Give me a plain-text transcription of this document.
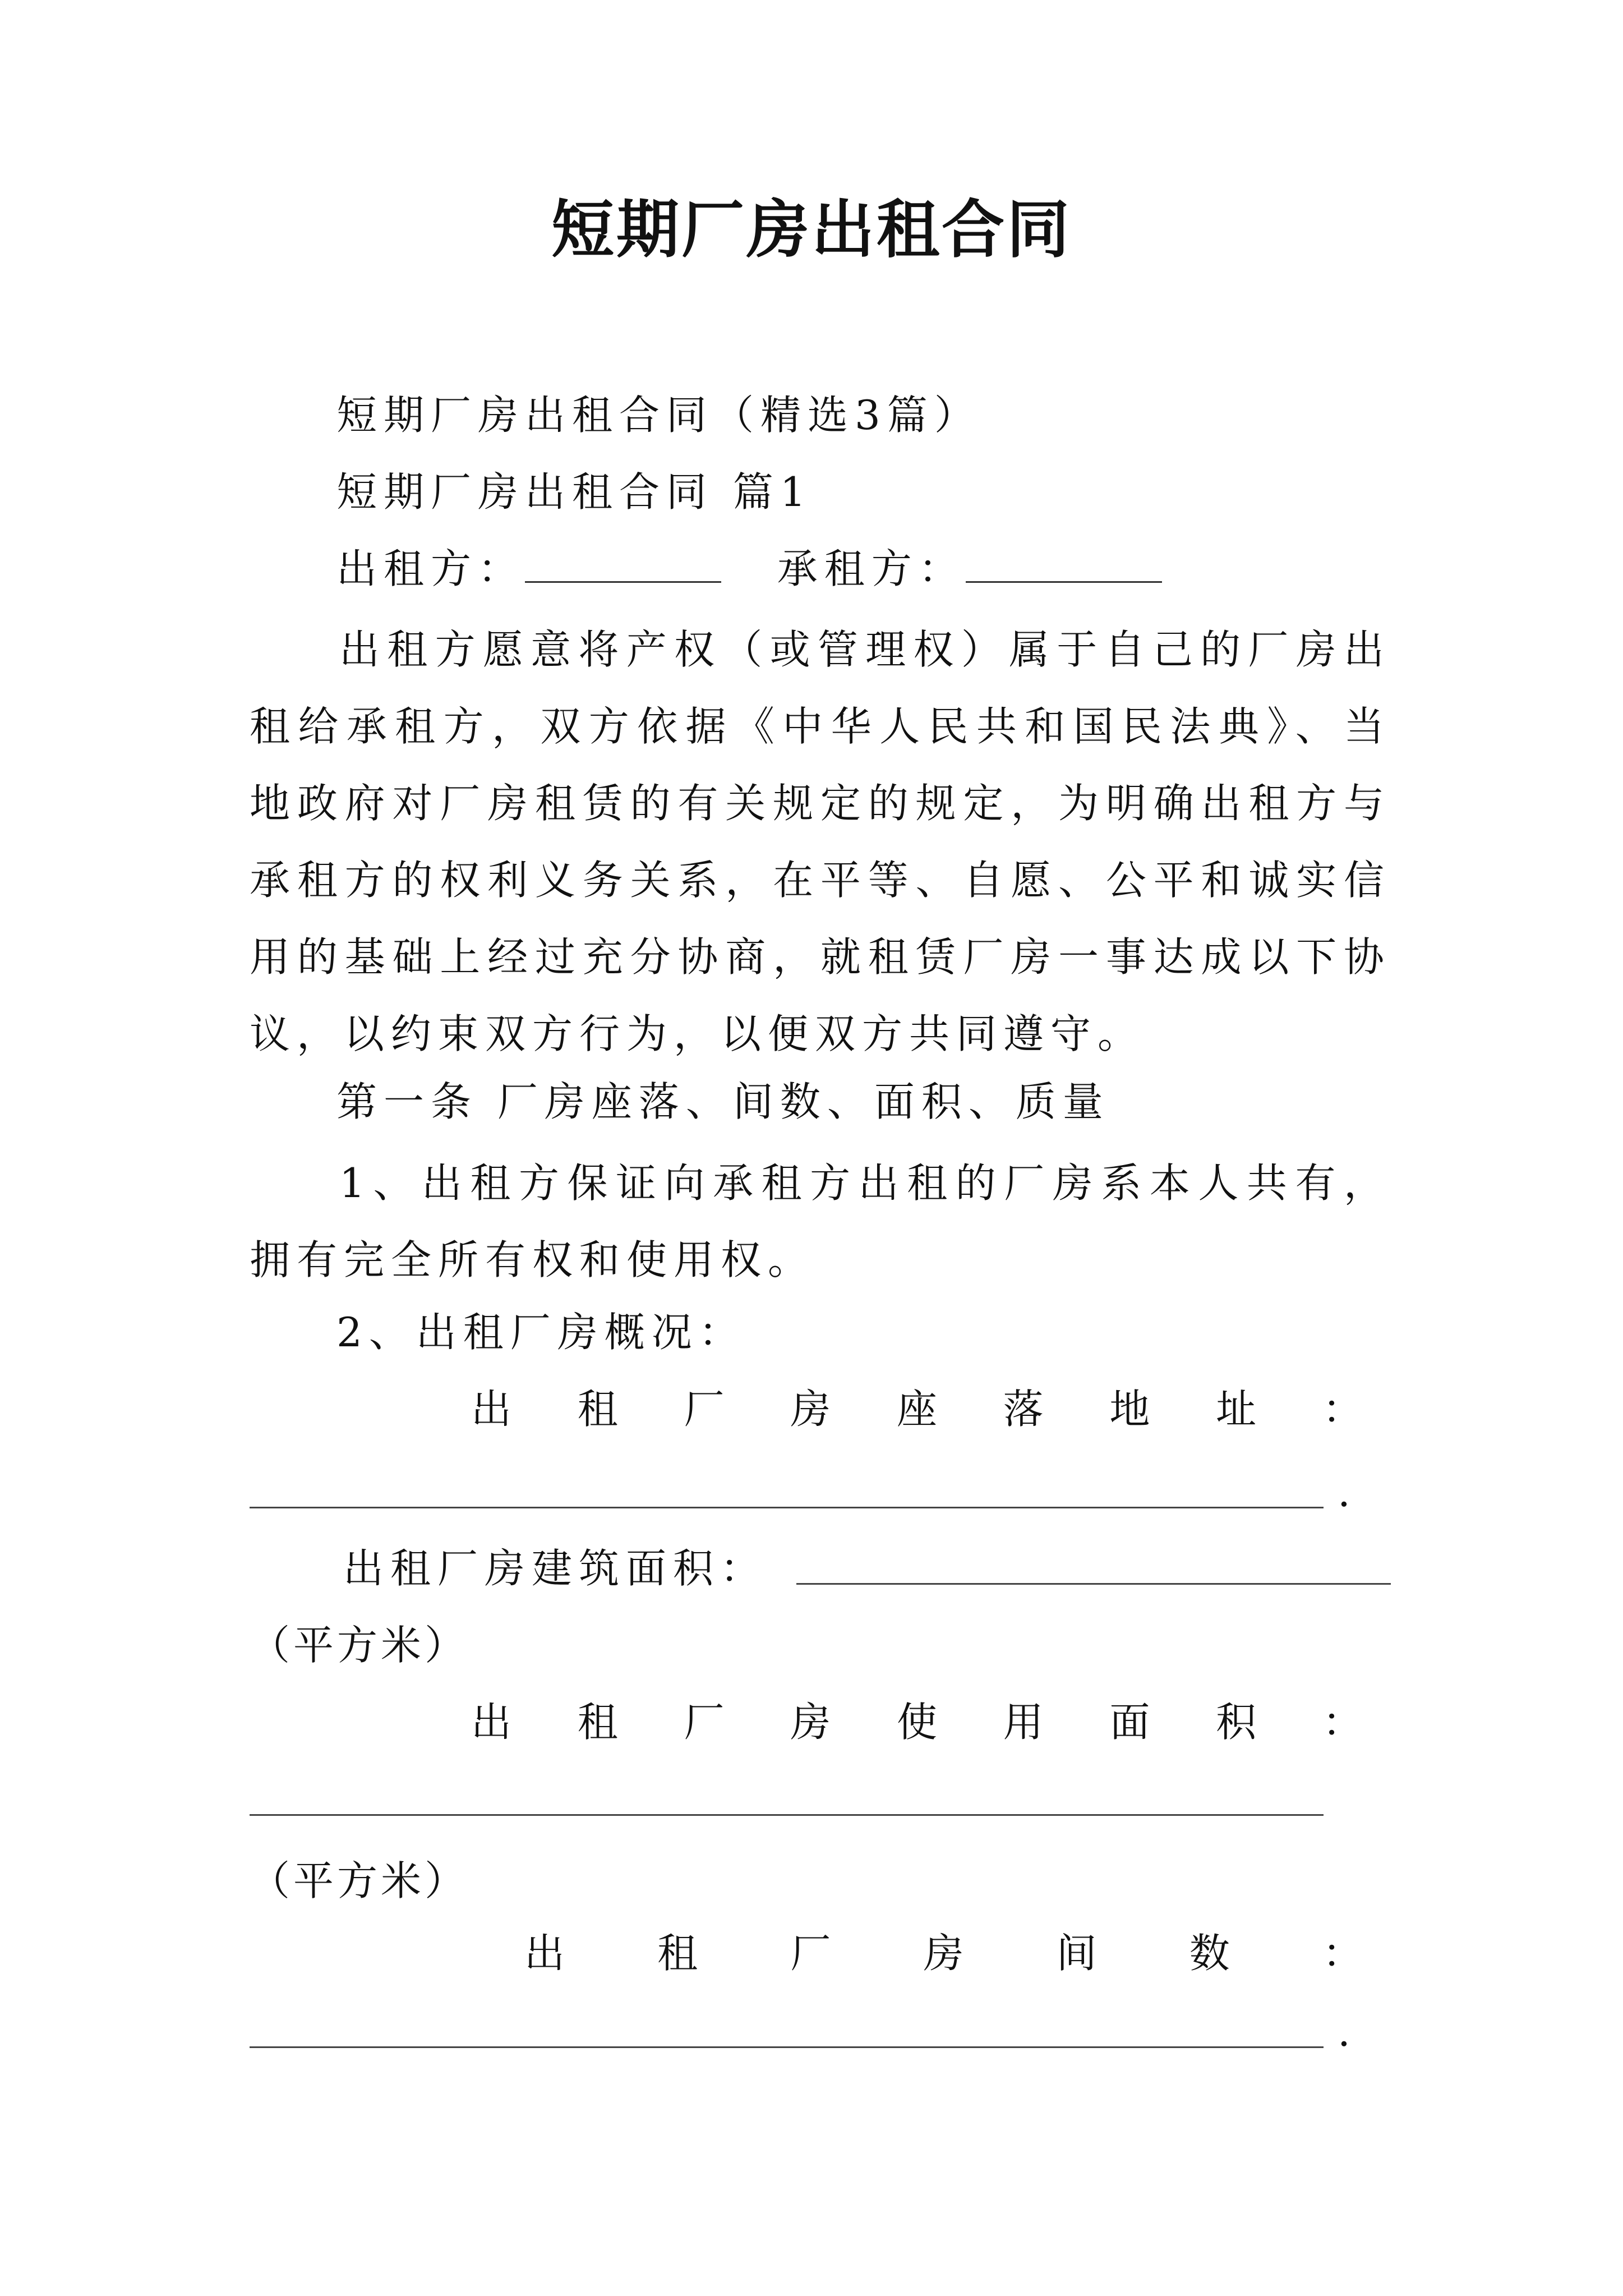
短期厂房出租合同
短期厂房出租合同（精选3篇）
短期厂房出租合同 篇1
出租方：	承租方：
出租方愿意将产权（或管理权）属于自己的厂房出租给承租方，双方依据《中华人民共和国民法典》、当地政府对厂房租赁的有关规定的规定，为明确出租方与承租方的权利义务关系，在平等、自愿、公平和诚实信用的基础上经过充分协商，就租赁厂房一事达成以下协议，以约束双方行为，以便双方共同遵守。
第一条 厂房座落、间数、面积、质量
1、出租方保证向承租方出租的厂房系本人共有，拥有完全所有权和使用权。
2、出租厂房概况：
出 租 厂 房 座 落 地 址 ：
.
出租厂房建筑面积：
（平方米）
出 租 厂 房 使 用 面 积 ：
（平方米）
出 租 厂 房 间 数 ：
.
